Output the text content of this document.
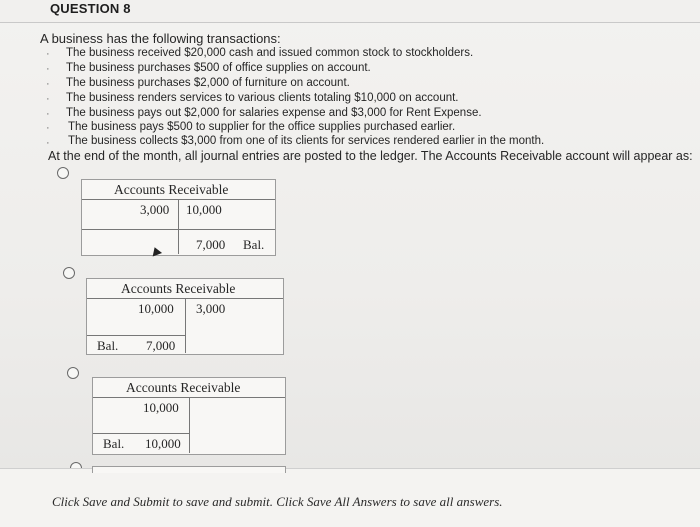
QUESTION 8
A business has the following transactions:
· The business received $20,000 cash and issued common stock to stockholders.
· The business purchases $500 of office supplies on account.
· The business purchases $2,000 of furniture on account.
· The business renders services to various clients totaling $10,000 on account.
· The business pays out $2,000 for salaries expense and $3,000 for Rent Expense.
· The business pays $500 to supplier for the office supplies purchased earlier.
· The business collects $3,000 from one of its clients for services rendered earlier in the month.
At the end of the month, all journal entries are posted to the ledger. The Accounts Receivable account will appear as:
Accounts Receivable
3,000 10,000
7,000 Bal.
Accounts Receivable
10,000 3,000
Bal. 7,000
Accounts Receivable
10,000
Bal. 10,000
Click Save and Submit to save and submit. Click Save All Answers to save all answers.
